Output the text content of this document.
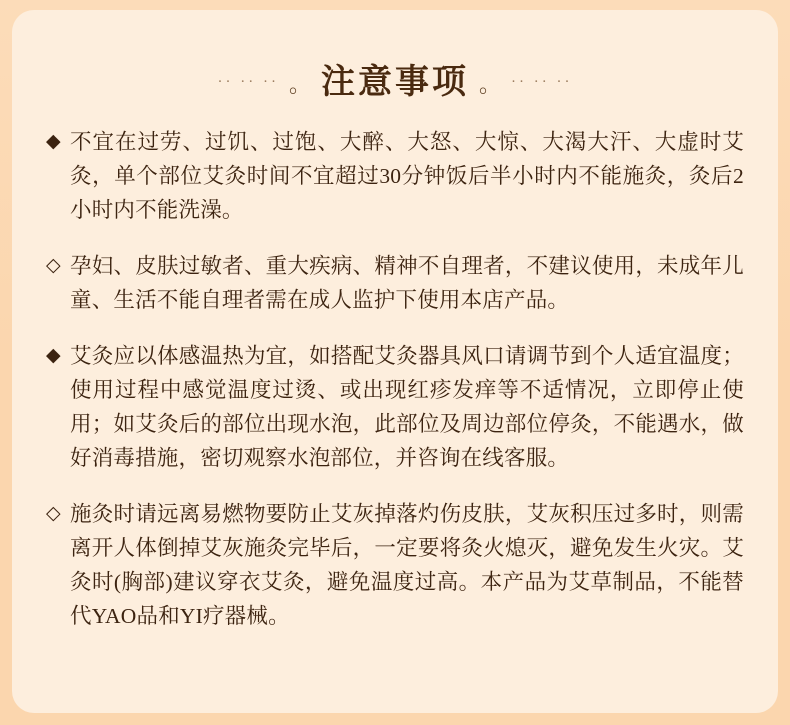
·· ·· ·· 。 注意事项 。 ·· ·· ··
◆ 不宜在过劳、过饥、过饱、大醉、大怒、大惊、大渴大汗、大虚时艾灸，单个部位艾灸时间不宜超过30分钟饭后半小时内不能施灸，灸后2小时内不能洗澡。
◇ 孕妇、皮肤过敏者、重大疾病、精神不自理者，不建议使用，未成年儿童、生活不能自理者需在成人监护下使用本店产品。
◆ 艾灸应以体感温热为宜，如搭配艾灸器具风口请调节到个人适宜温度；使用过程中感觉温度过烫、或出现红疹发痒等不适情况，立即停止使用；如艾灸后的部位出现水泡，此部位及周边部位停灸，不能遇水，做好消毒措施，密切观察水泡部位，并咨询在线客服。
◇ 施灸时请远离易燃物要防止艾灰掉落灼伤皮肤，艾灰积压过多时，则需离开人体倒掉艾灰施灸完毕后，一定要将灸火熄灭，避免发生火灾。艾灸时(胸部)建议穿衣艾灸，避免温度过高。本产品为艾草制品，不能替代YAO品和YI疗器械。
